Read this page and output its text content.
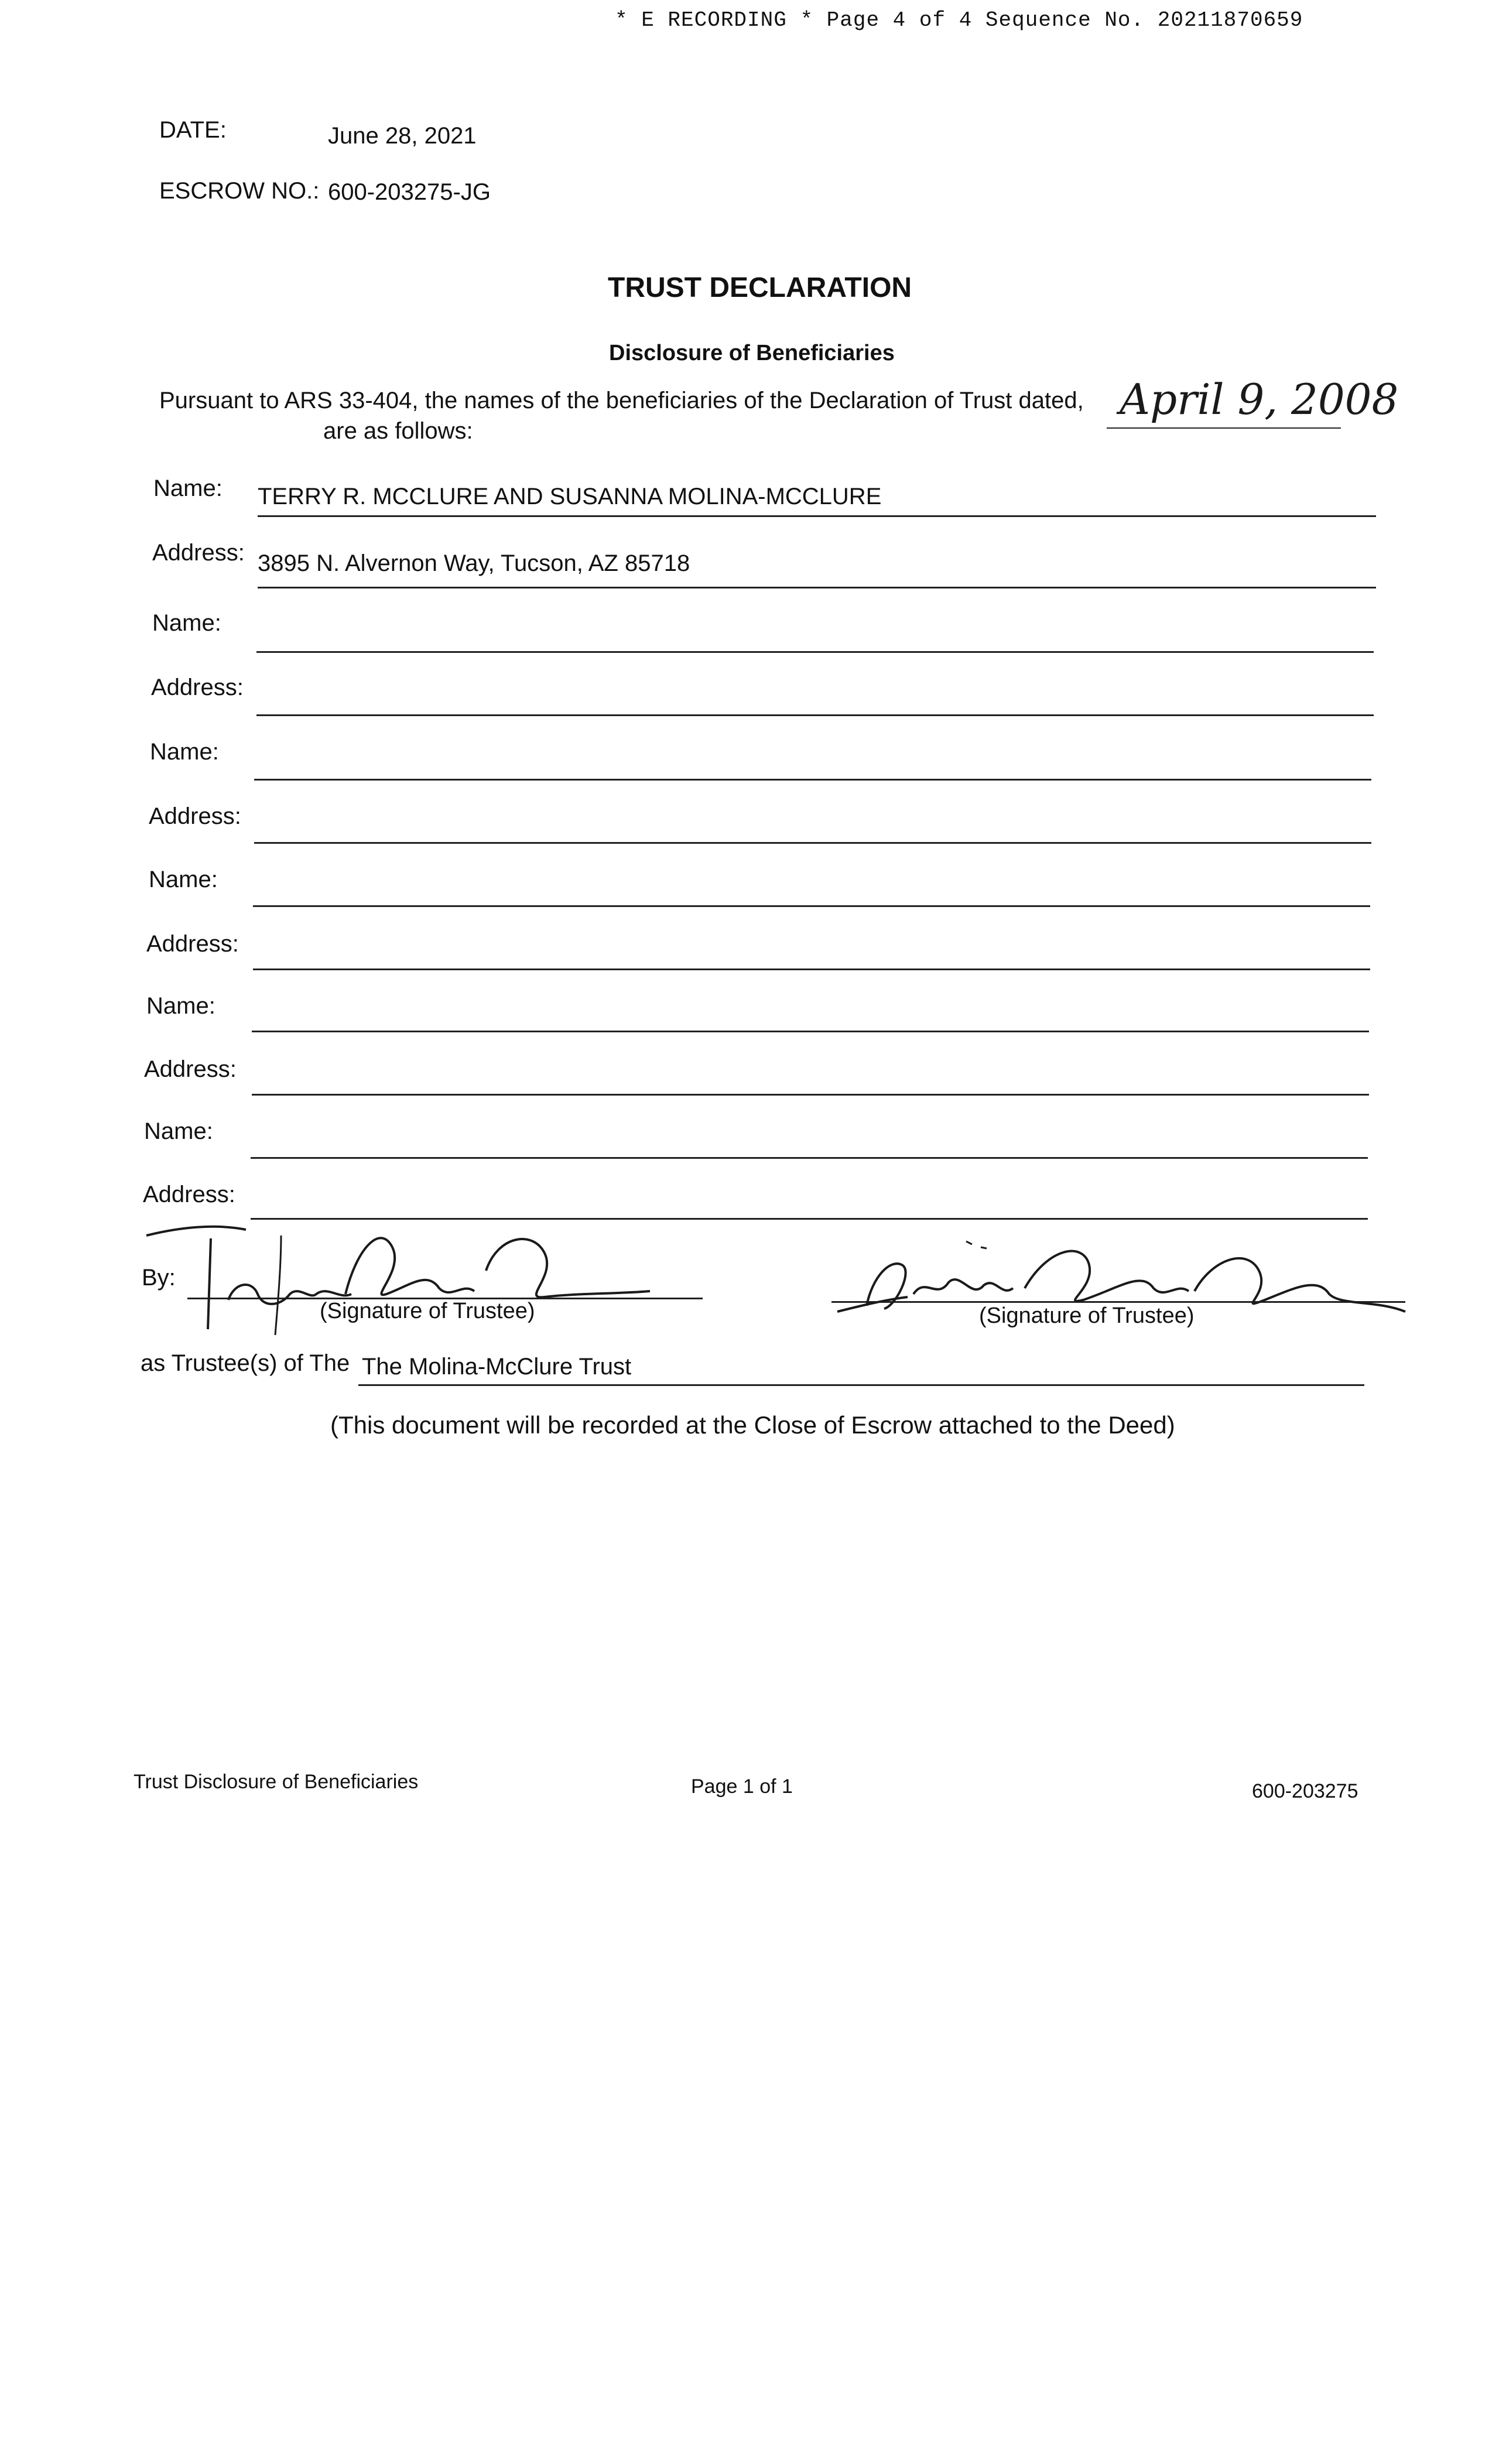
* E RECORDING * Page 4 of 4 Sequence No. 20211870659
DATE:	June 28, 2021
ESCROW NO.: 600-203275-JG
TRUST DECLARATION
Disclosure of Beneficiaries
Pursuant to ARS 33-404, the names of the beneficiaries of the Declaration of Trust dated,
are as follows:
April 9, 2008
Name: TERRY R. MCCLURE AND SUSANNA MOLINA-MCCLURE
Address: 3895 N. Alvernon Way, Tucson, AZ 85718
Name:
Address:
Name:
Address:
Name:
Address:
Name:
Address:
Name:
Address:
By:
(Signature of Trustee)	(Signature of Trustee)
as Trustee(s) of The The Molina-McClure Trust
(This document will be recorded at the Close of Escrow attached to the Deed)
Trust Disclosure of Beneficiaries	Page 1 of 1	600-203275
